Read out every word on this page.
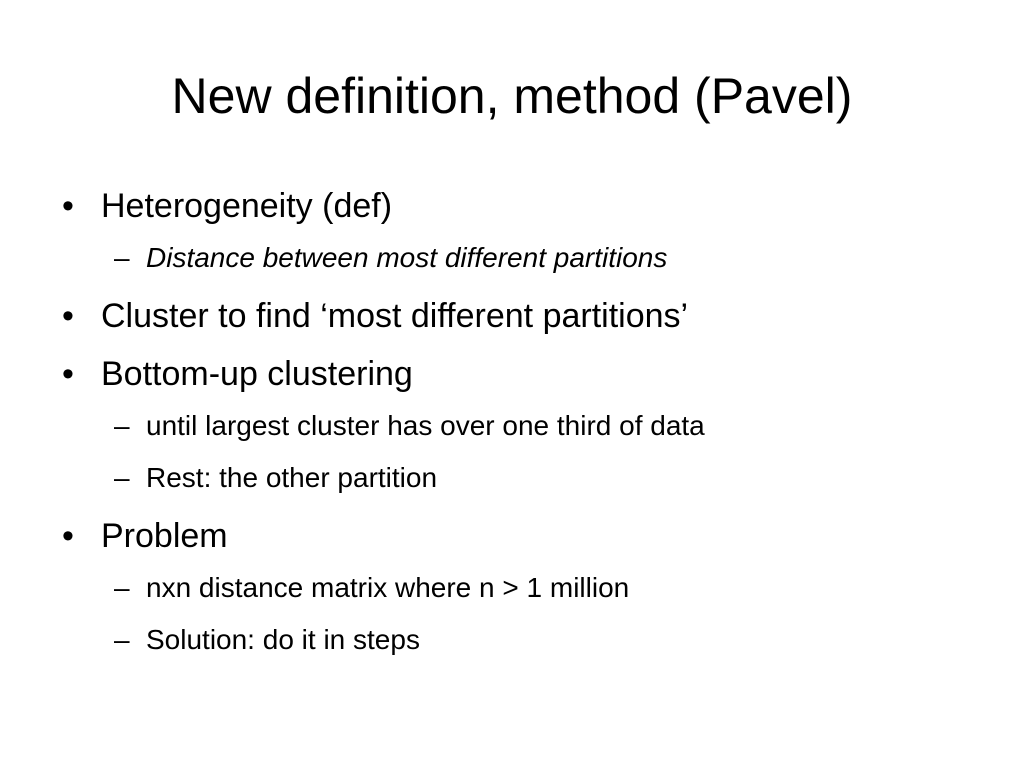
New definition, method (Pavel)
• Heterogeneity (def)
– Distance between most different partitions
• Cluster to find ‘most different partitions’
• Bottom-up clustering
– until largest cluster has over one third of data
– Rest: the other partition
• Problem
– nxn distance matrix where n > 1 million
– Solution: do it in steps
